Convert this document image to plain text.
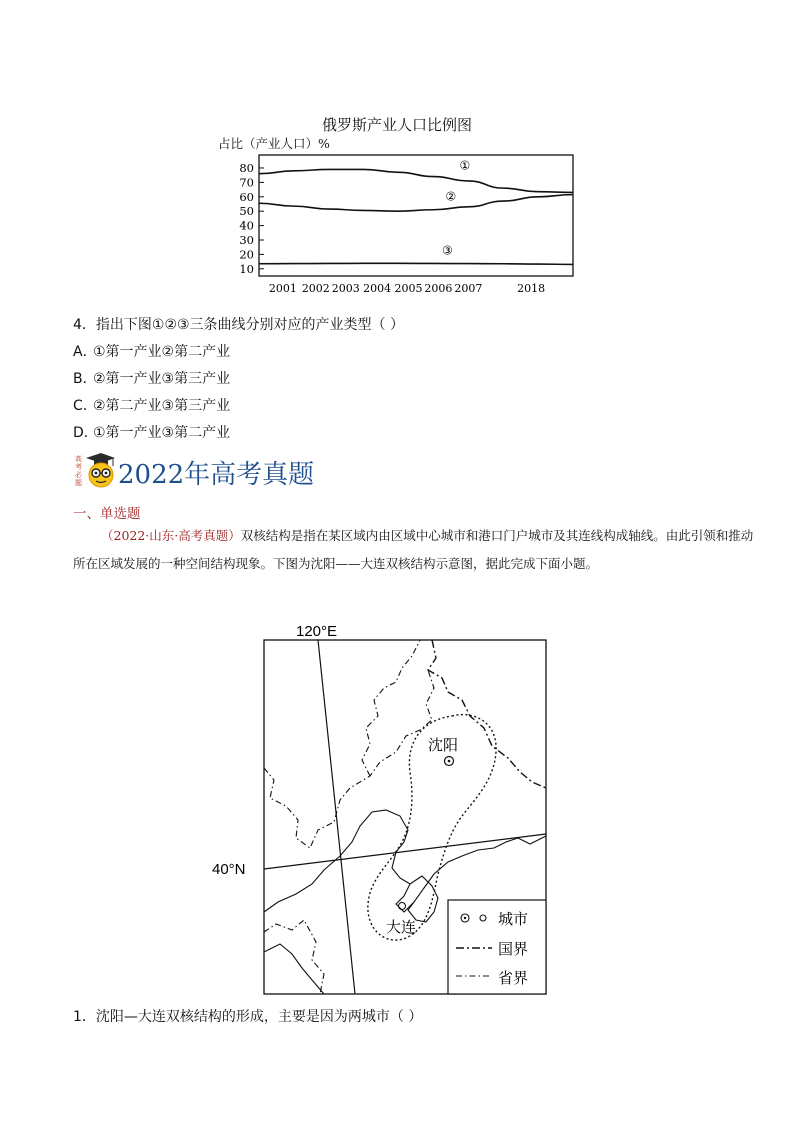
俄罗斯产业人口比例图
占比（产业人口）%
10
20
30
40
50
60
70
80
2001 2002 2003 2004 2005 2006 2007	2018
①
②
③
4．指出下图①②③三条曲线分别对应的产业类型（ ）
A．①第一产业②第二产业
B．②第一产业③第三产业
C．②第二产业③第三产业
D．①第一产业③第二产业
高
考
必
题 2022年高考真题
一、单选题
（2022·山东·高考真题）双核结构是指在某区域内由区域中心城市和港口门户城市及其连线构成轴线。由此引领和推动所在区域发展的一种空间结构现象。下图为沈阳——大连双核结构示意图，据此完成下面小题。
120°E
40°N
沈阳
大连	城市
国界
省界
1．沈阳—大连双核结构的形成，主要是因为两城市（ ）
